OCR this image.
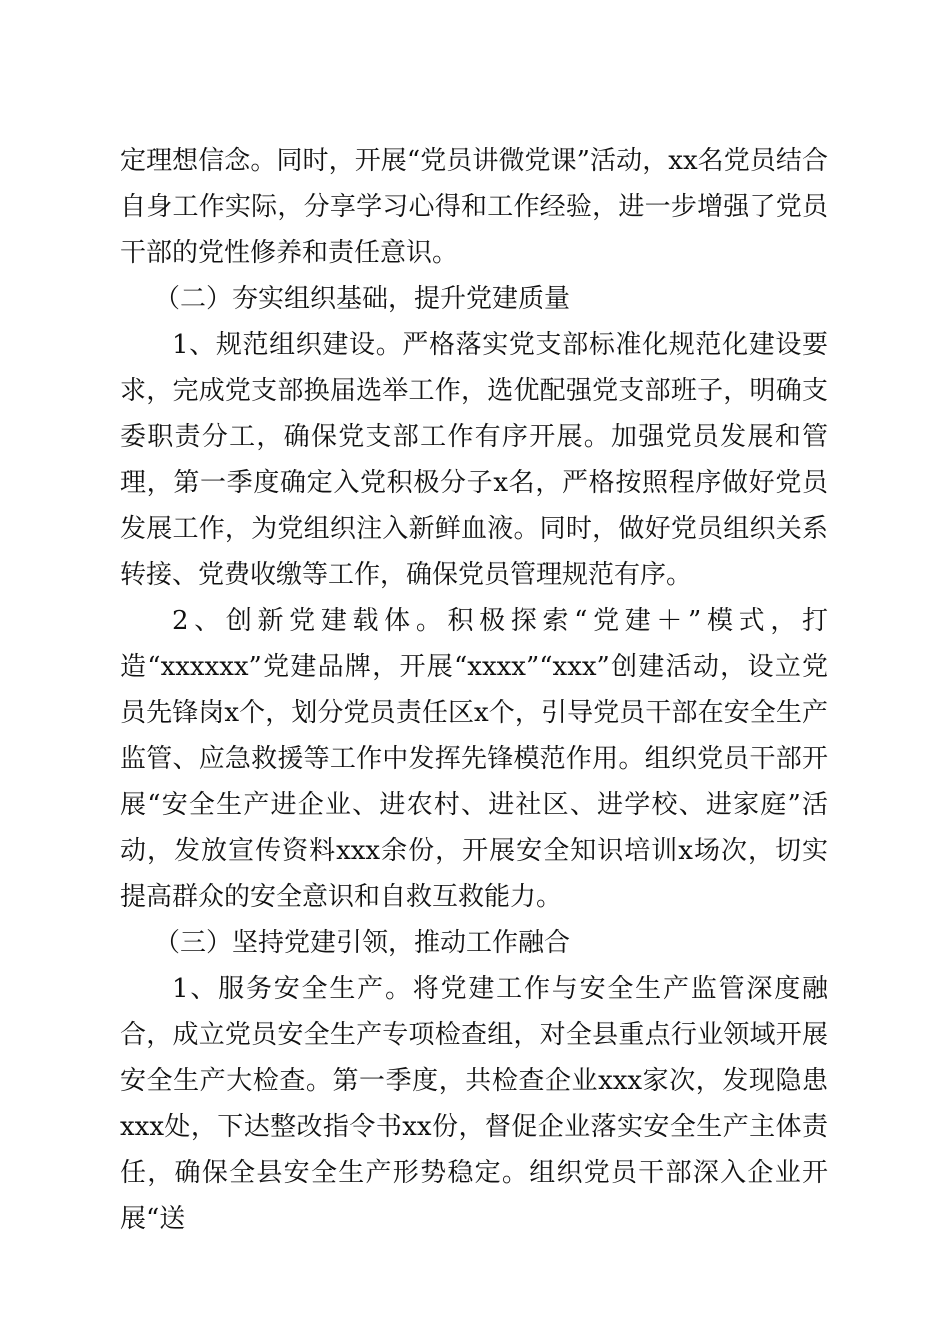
定理想信念。同时，开展“党员讲微党课”活动，xx名党员结合自身工作实际，分享学习心得和工作经验，进一步增强了党员干部的党性修养和责任意识。

（二）夯实组织基础，提升党建质量

1、规范组织建设。严格落实党支部标准化规范化建设要求，完成党支部换届选举工作，选优配强党支部班子，明确支委职责分工，确保党支部工作有序开展。加强党员发展和管理，第一季度确定入党积极分子x名，严格按照程序做好党员发展工作，为党组织注入新鲜血液。同时，做好党员组织关系转接、党费收缴等工作，确保党员管理规范有序。

2、创新党建载体。积极探索“党建＋”模式，打造“xxxxxx”党建品牌，开展“xxxx”“xxx”创建活动，设立党员先锋岗x个，划分党员责任区x个，引导党员干部在安全生产监管、应急救援等工作中发挥先锋模范作用。组织党员干部开展“安全生产进企业、进农村、进社区、进学校、进家庭”活动，发放宣传资料xxx余份，开展安全知识培训x场次，切实提高群众的安全意识和自救互救能力。

（三）坚持党建引领，推动工作融合

1、服务安全生产。将党建工作与安全生产监管深度融合，成立党员安全生产专项检查组，对全县重点行业领域开展安全生产大检查。第一季度，共检查企业xxx家次，发现隐患xxx处，下达整改指令书xx份，督促企业落实安全生产主体责任，确保全县安全生产形势稳定。组织党员干部深入企业开展“送
